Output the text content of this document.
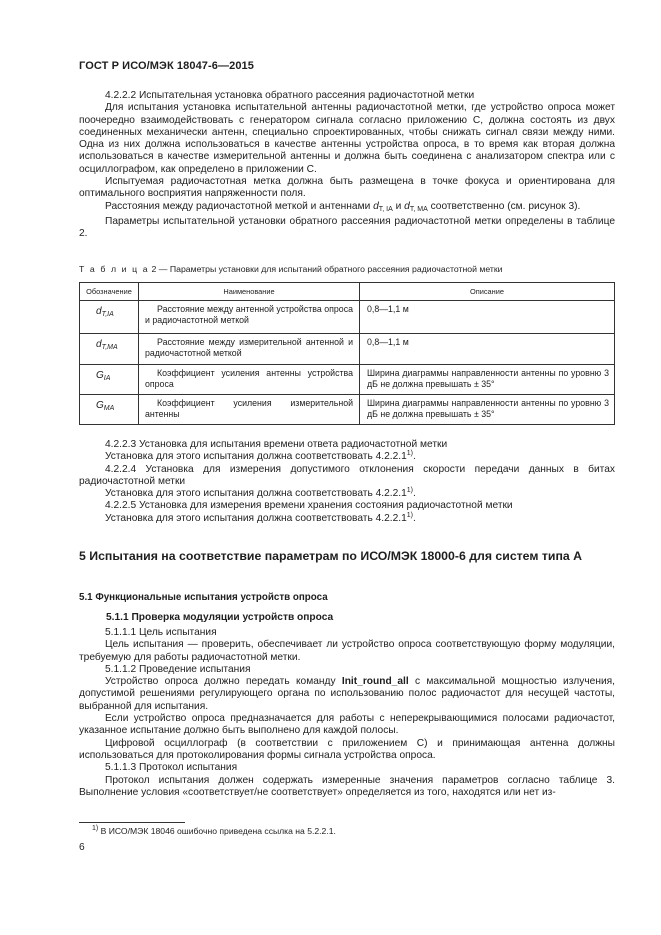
ГОСТ Р ИСО/МЭК 18047-6—2015

4.2.2.2 Испытательная установка обратного рассеяния радиочастотной метки

Для испытания установка испытательной антенны радиочастотной метки, где устройство опроса может поочередно взаимодействовать с генератором сигнала согласно приложению С, должна состоять из двух соединенных механически антенн, специально спроектированных, чтобы снижать сигнал связи между ними. Одна из них должна использоваться в качестве антенны устройства опроса, в то время как вторая должна использоваться в качестве измерительной антенны и должна быть соединена с анализатором спектра или с осциллографом, как определено в приложении С.

Испытуемая радиочастотная метка должна быть размещена в точке фокуса и ориентирована для оптимального восприятия напряженности поля.

Расстояния между радиочастотной меткой и антеннами $d_{T, IA}$ и $d_{T, MA}$ соответственно (см. рисунок 3).

Параметры испытательной установки обратного рассеяния радиочастотной метки определены в таблице 2.

Т а б л и ц а 2 — Параметры установки для испытаний обратного рассеяния радиочастотной метки
Обозначение	Наименование	Описание
$d_{T,IA}$	Расстояние между антенной устройства опроса и радиочастотной меткой	0,8—1,1 м
$d_{T,MA}$	Расстояние между измерительной антенной и радиочастотной меткой	0,8—1,1 м
$G_{IA}$	Коэффициент усиления антенны устройства опроса	Ширина диаграммы направленности антенны по уровню 3 дБ не должна превышать ± 35°
$G_{MA}$	Коэффициент усиления измерительной антенны	Ширина диаграммы направленности антенны по уровню 3 дБ не должна превышать ± 35°

4.2.2.3 Установка для испытания времени ответа радиочастотной метки

Установка для этого испытания должна соответствовать 4.2.2.1$^{1)}$.

4.2.2.4 Установка для измерения допустимого отклонения скорости передачи данных в битах радиочастотной метки

Установка для этого испытания должна соответствовать 4.2.2.1$^{1)}$.

4.2.2.5 Установка для измерения времени хранения состояния радиочастотной метки

Установка для этого испытания должна соответствовать 4.2.2.1$^{1)}$.

5 Испытания на соответствие параметрам по ИСО/МЭК 18000-6 для систем типа А
5.1 Функциональные испытания устройств опроса
5.1.1 Проверка модуляции устройств опроса

5.1.1.1 Цель испытания

Цель испытания — проверить, обеспечивает ли устройство опроса соответствующую форму модуляции, требуемую для работы радиочастотной метки.

5.1.1.2 Проведение испытания

Устройство опроса должно передать команду Init_round_all с максимальной мощностью излучения, допустимой решениями регулирующего органа по использованию полос радиочастот для несущей частоты, выбранной для испытания.

Если устройство опроса предназначается для работы с неперекрывающимися полосами радиочастот, указанное испытание должно быть выполнено для каждой полосы.

Цифровой осциллограф (в соответствии с приложением С) и принимающая антенна должны использоваться для протоколирования формы сигнала устройства опроса.

5.1.1.3 Протокол испытания

Протокол испытания должен содержать измеренные значения параметров согласно таблице 3. Выполнение условия «соответствует/не соответствует» определяется из того, находятся или нет из-

$^{1)}$ В ИСО/МЭК 18046 ошибочно приведена ссылка на 5.2.2.1.
6
